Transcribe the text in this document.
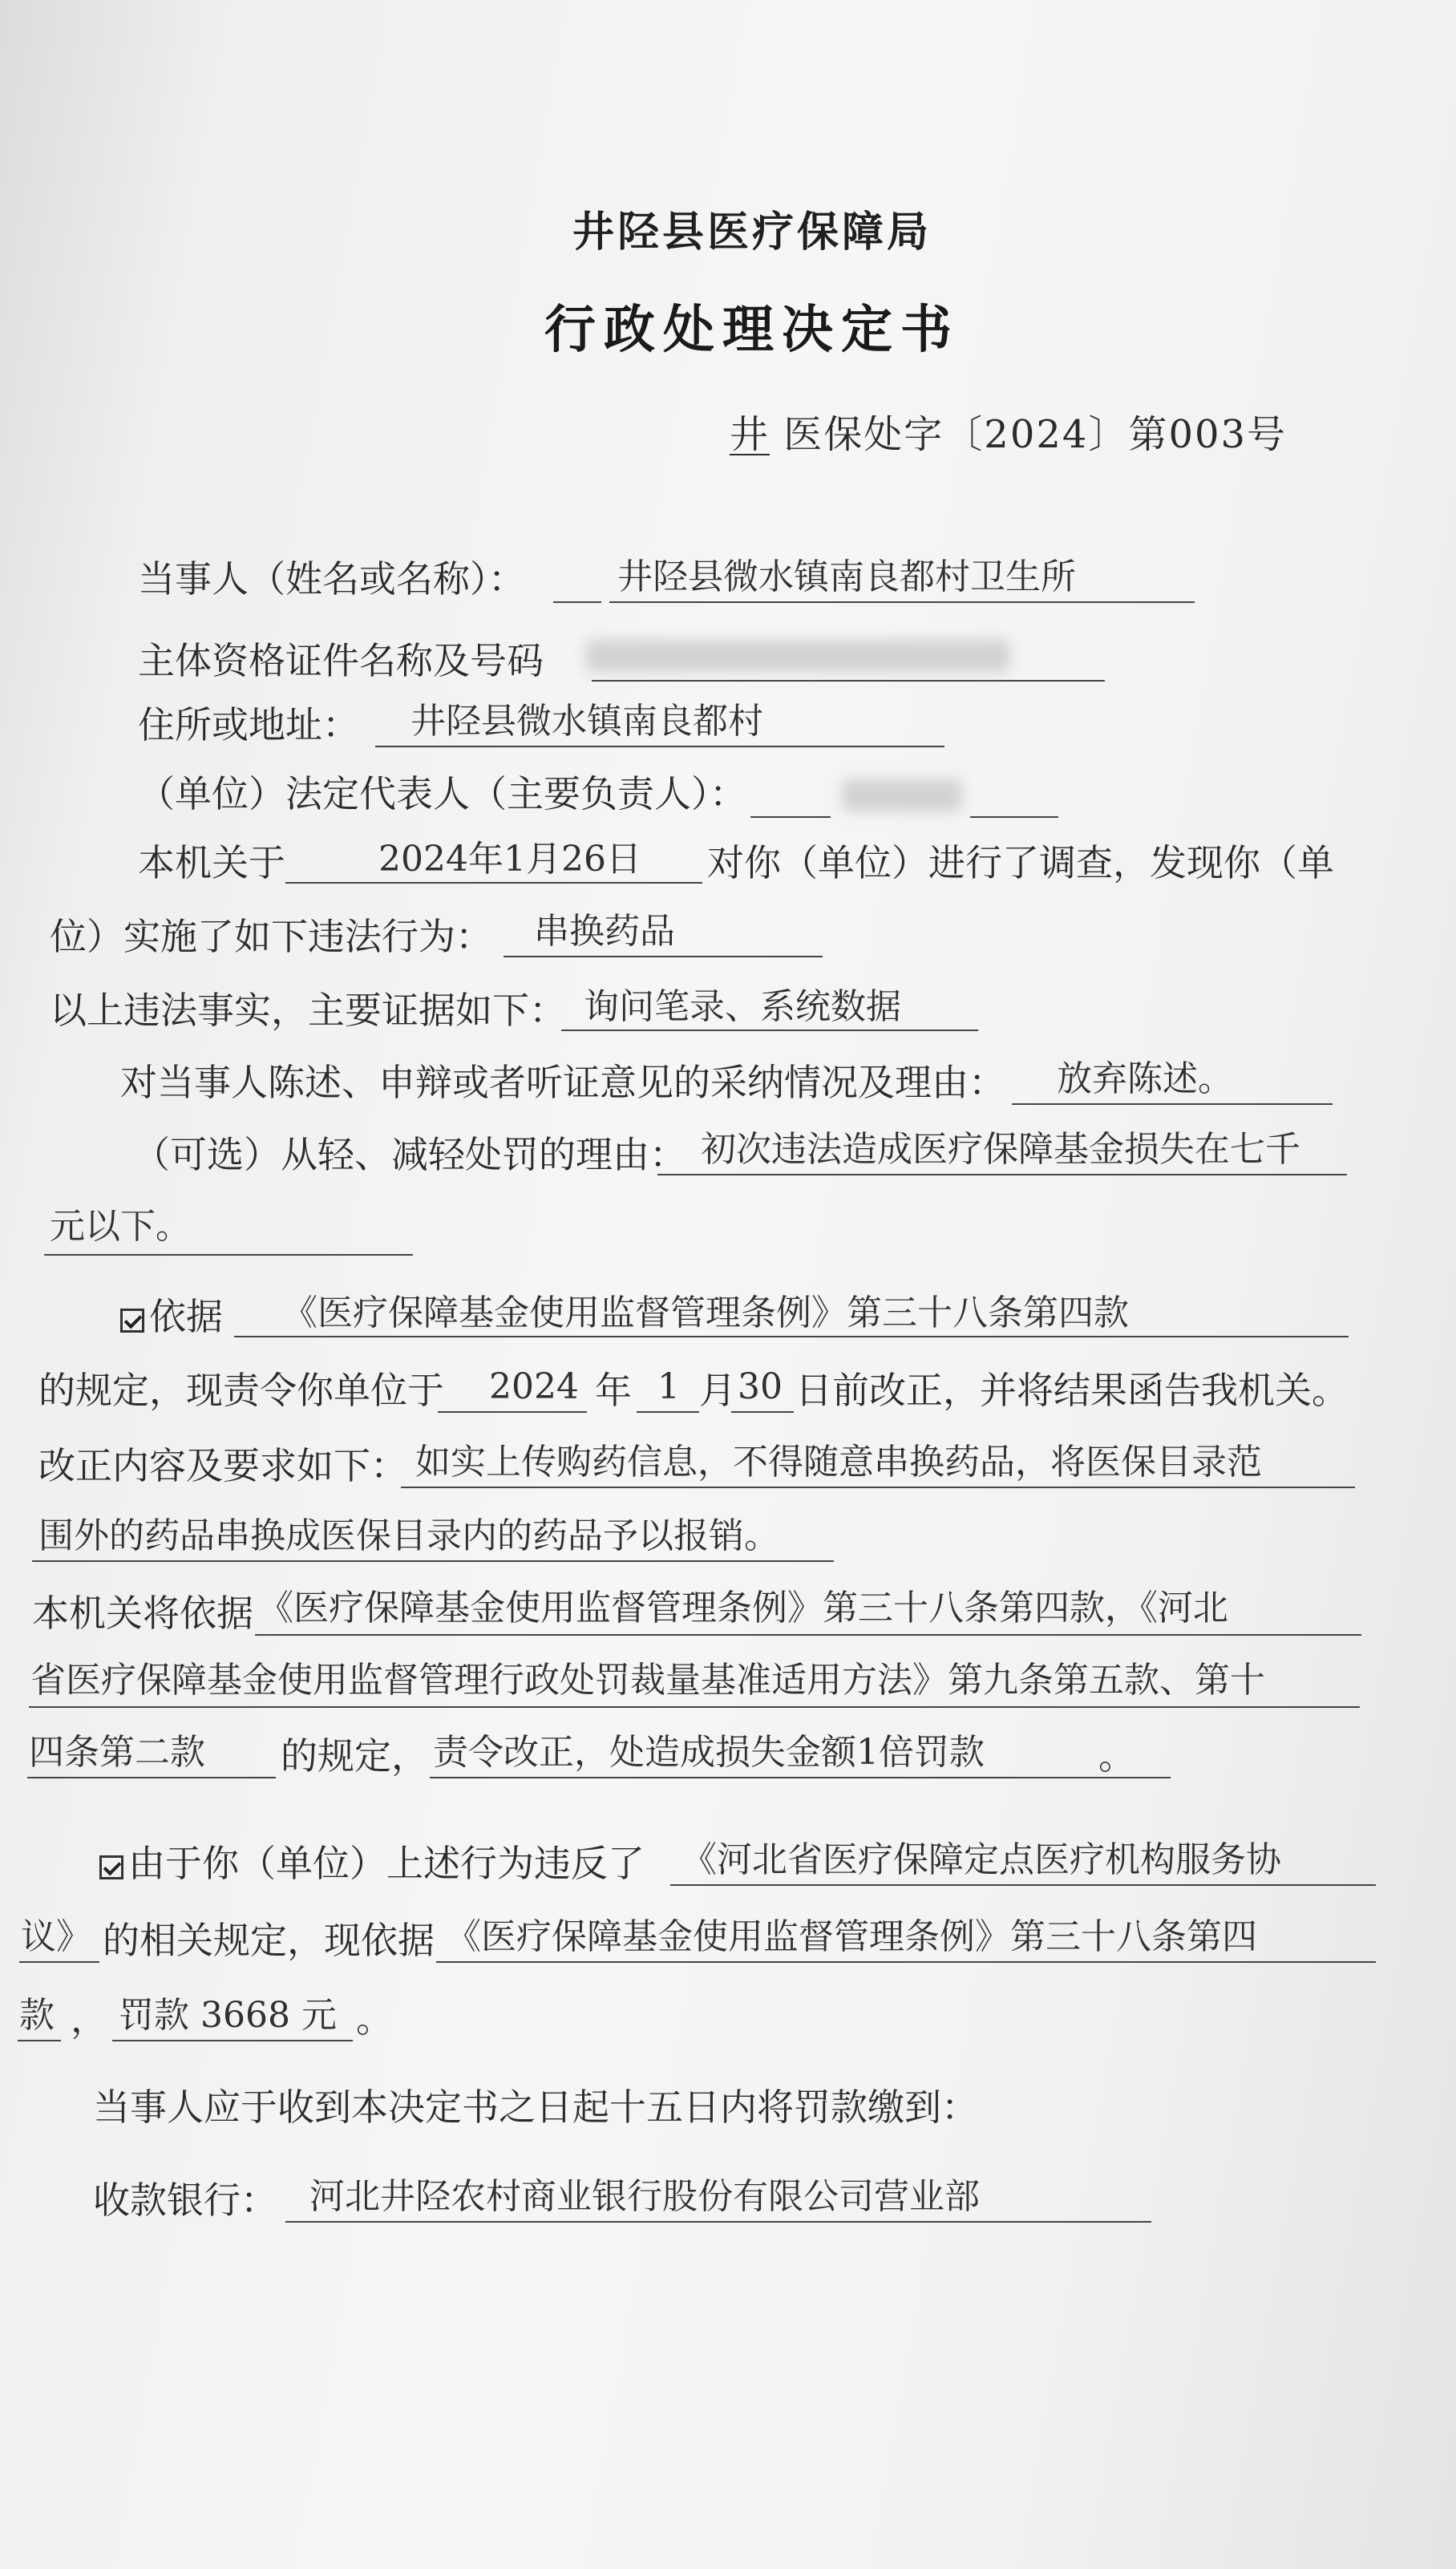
井陉县医疗保障局
行政处理决定书
井 医保处字〔2024〕第003号
当事人（姓名或名称）：	井陉县微水镇南良都村卫生所
主体资格证件名称及号码
住所或地址： 井陉县微水镇南良都村
（单位）法定代表人（主要负责人）：
本机关于	2024年1月26日 对你（单位）进行了调查，发现你（单
位）实施了如下违法行为： 串换药品
以上违法事实，主要证据如下： 询问笔录、系统数据
对当事人陈述、申辩或者听证意见的采纳情况及理由： 放弃陈述。
（可选）从轻、减轻处罚的理由： 初次违法造成医疗保障基金损失在七千
元以下。
依据 《医疗保障基金使用监督管理条例》第三十八条第四款
的规定，现责令你单位于 2024 年 1 月 30 日前改正，并将结果函告我机关。
改正内容及要求如下： 如实上传购药信息，不得随意串换药品，将医保目录范
围外的药品串换成医保目录内的药品予以报销。
本机关将依据 《医疗保障基金使用监督管理条例》第三十八条第四款，《河北
省医疗保障基金使用监督管理行政处罚裁量基准适用方法》第九条第五款、第十
四条第二款 的规定， 责令改正，处造成损失金额1倍罚款	。
由于你（单位）上述行为违反了 《河北省医疗保障定点医疗机构服务协
议》 的相关规定，现依据 《医疗保障基金使用监督管理条例》第三十八条第四
款 ， 罚款 3668 元 。
当事人应于收到本决定书之日起十五日内将罚款缴到：
收款银行： 河北井陉农村商业银行股份有限公司营业部
